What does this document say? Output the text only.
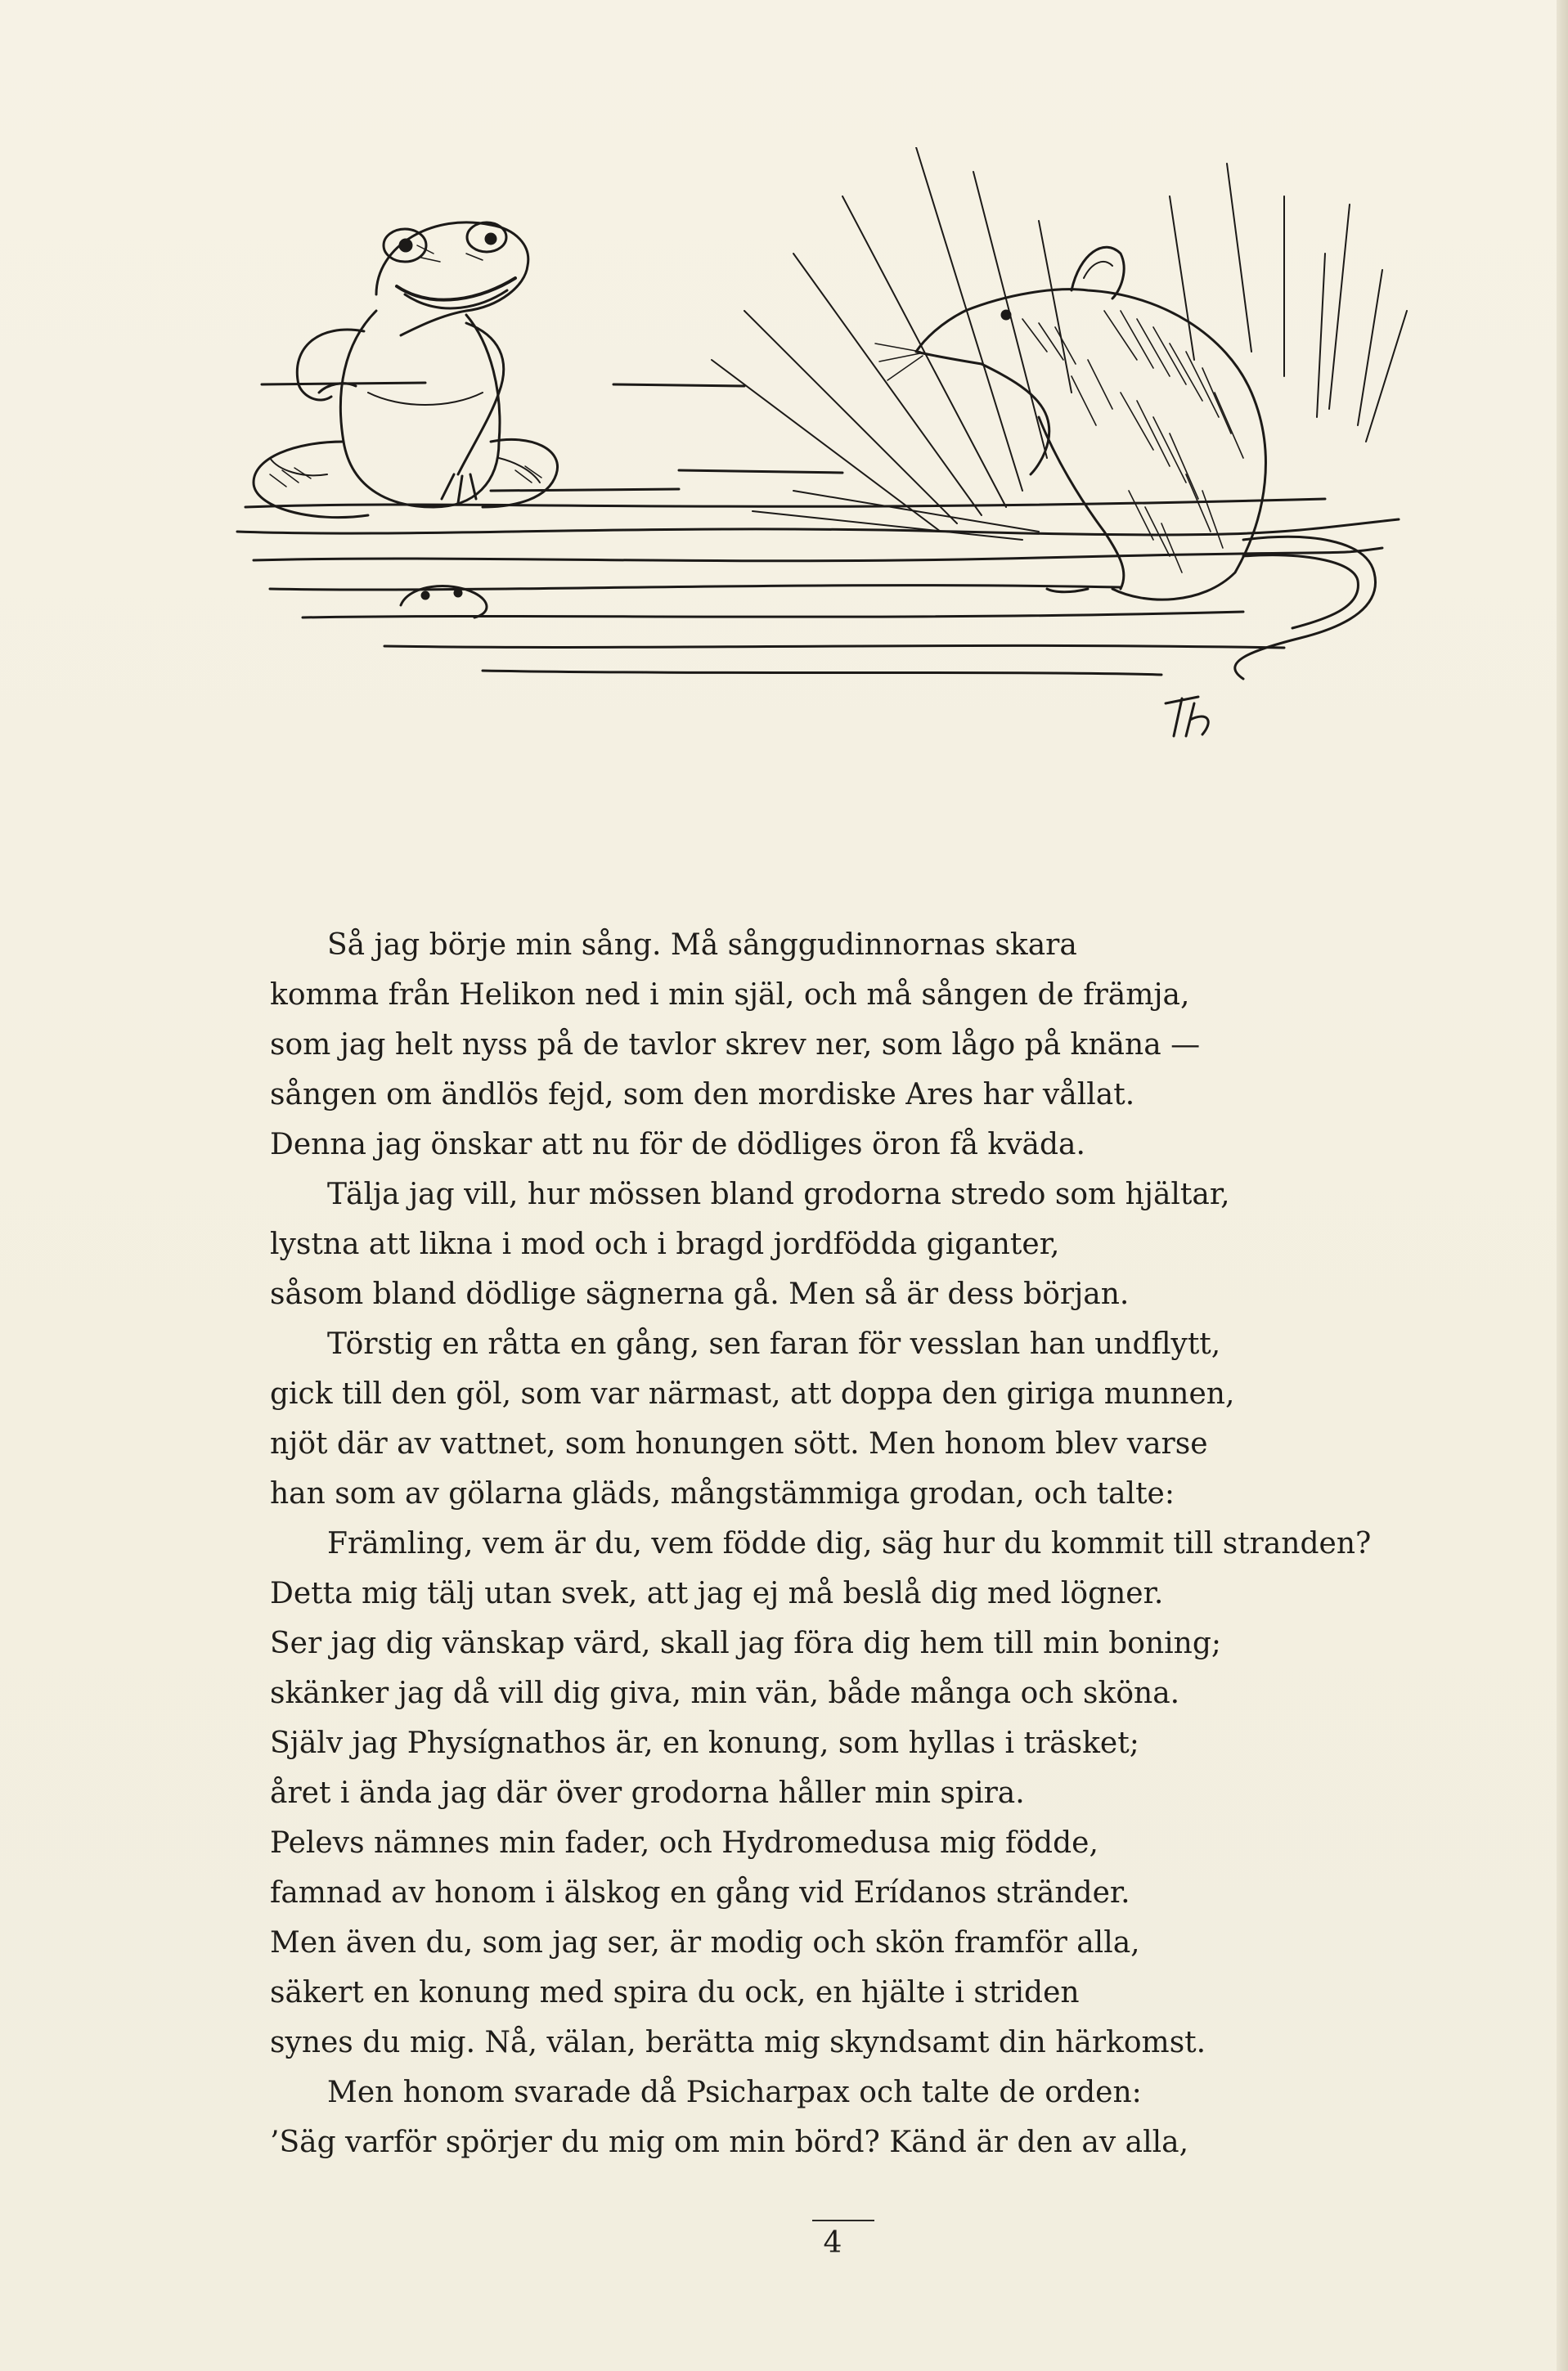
Så jag börje min sång. Må sånggudinnornas skara
komma från Helikon ned i min själ, och må sången de främja,
som jag helt nyss på de tavlor skrev ner, som lågo på knäna —
sången om ändlös fejd, som den mordiske Ares har vållat.
Denna jag önskar att nu för de dödliges öron få kväda.
Tälja jag vill, hur mössen bland grodorna stredo som hjältar,
lystna att likna i mod och i bragd jordfödda giganter,
såsom bland dödlige sägnerna gå. Men så är dess början.
Törstig en råtta en gång, sen faran för vesslan han undflytt,
gick till den göl, som var närmast, att doppa den giriga munnen,
njöt där av vattnet, som honungen sött. Men honom blev varse
han som av gölarna gläds, mångstämmiga grodan, och talte:
Främling, vem är du, vem födde dig, säg hur du kommit till stranden?
Detta mig tälj utan svek, att jag ej må beslå dig med lögner.
Ser jag dig vänskap värd, skall jag föra dig hem till min boning;
skänker jag då vill dig giva, min vän, både många och sköna.
Själv jag Physígnathos är, en konung, som hyllas i träsket;
året i ända jag där över grodorna håller min spira.
Pelevs nämnes min fader, och Hydromedusa mig födde,
famnad av honom i älskog en gång vid Erídanos stränder.
Men även du, som jag ser, är modig och skön framför alla,
säkert en konung med spira du ock, en hjälte i striden
synes du mig. Nå, välan, berätta mig skyndsamt din härkomst.
Men honom svarade då Psicharpax och talte de orden:
’Säg varför spörjer du mig om min börd? Känd är den av alla,
4
